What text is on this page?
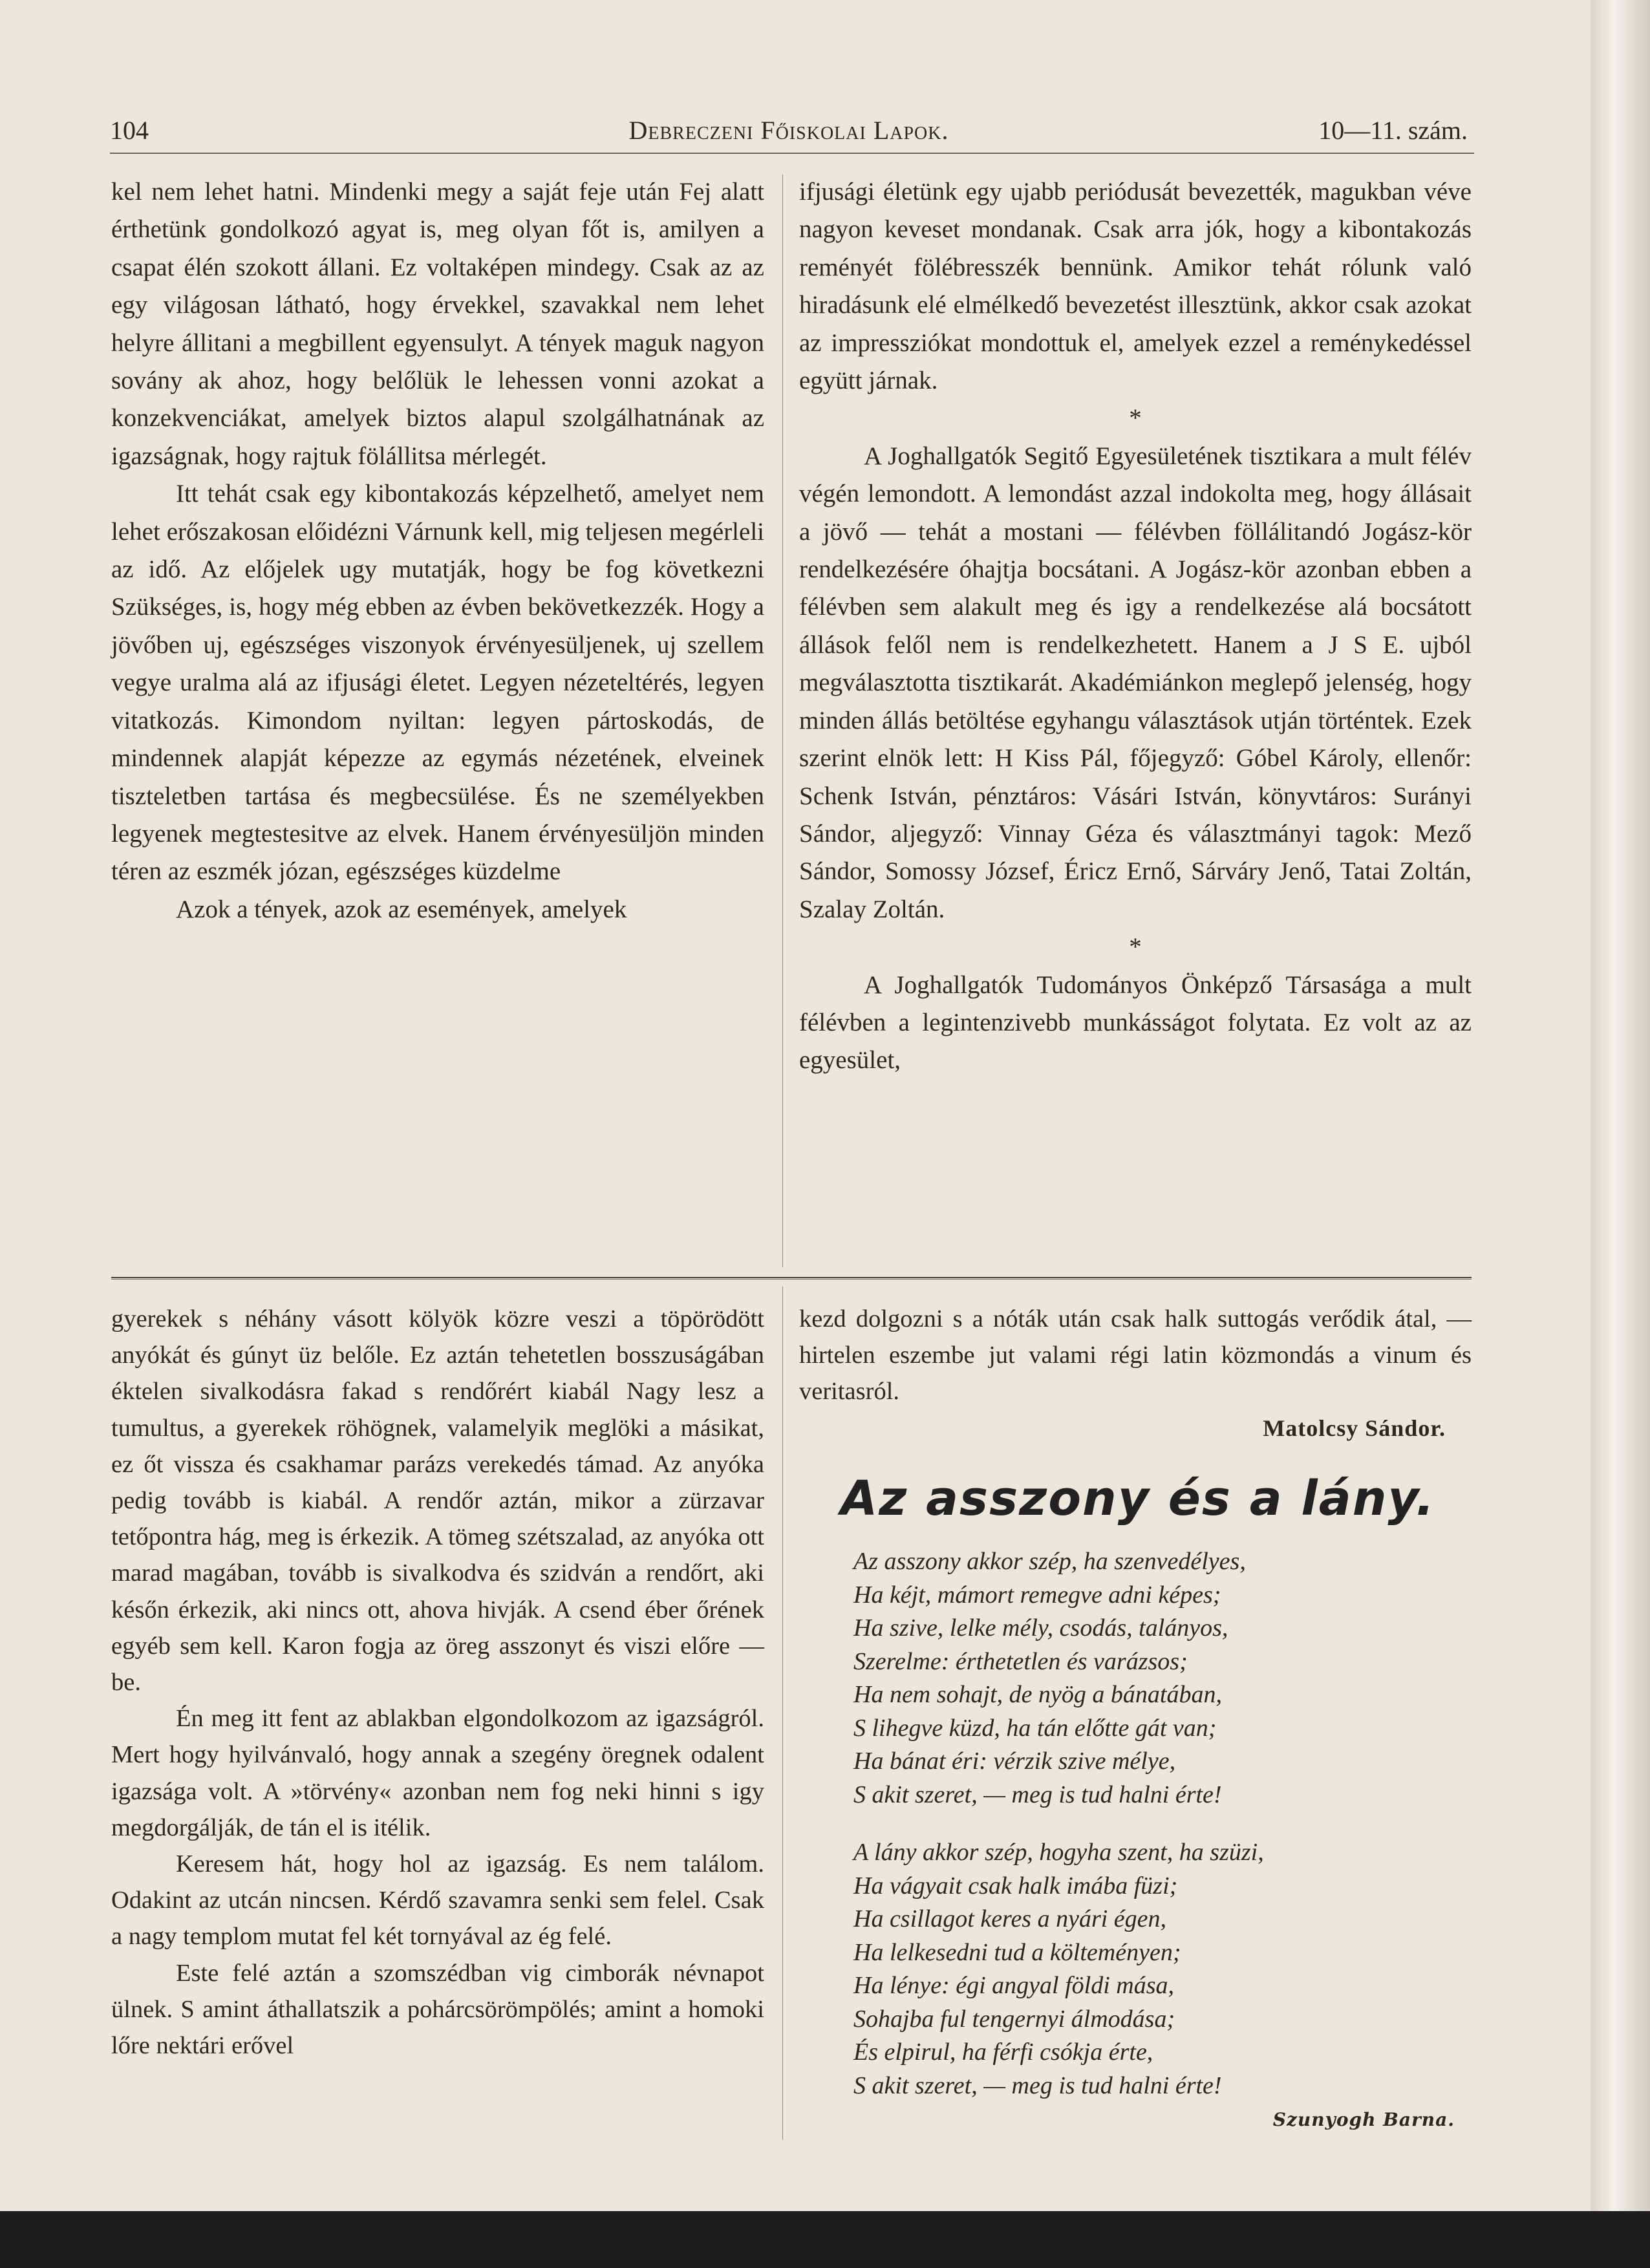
104	Debreczeni Főiskolai Lapok.	10—11. szám.

kel nem lehet hatni. Mindenki megy a saját feje után Fej alatt érthetünk gondolkozó agyat is, meg olyan főt is, amilyen a csapat élén szokott állani. Ez voltaképen mindegy. Csak az az egy világosan látható, hogy érvekkel, szavakkal nem lehet helyre állitani a megbillent egyensulyt. A tények maguk nagyon sovány ak ahoz, hogy belőlük le lehessen vonni azokat a konzekvenciákat, amelyek biztos alapul szolgálhatnának az igazságnak, hogy rajtuk fölállitsa mérlegét.

Itt tehát csak egy kibontakozás képzelhető, amelyet nem lehet erőszakosan előidézni Várnunk kell, mig teljesen megérleli az idő. Az előjelek ugy mutatják, hogy be fog következni Szükséges, is, hogy még ebben az évben bekövetkezzék. Hogy a jövőben uj, egészséges viszonyok érvényesüljenek, uj szellem vegye uralma alá az ifjusági életet. Legyen nézeteltérés, legyen vitatkozás. Kimondom nyiltan: legyen pártoskodás, de mindennek alapját képezze az egymás nézetének, elveinek tiszteletben tartása és megbecsülése. És ne személyekben legyenek megtestesitve az elvek. Hanem érvényesüljön minden téren az eszmék józan, egészséges küzdelme

Azok a tények, azok az események, amelyek

ifjusági életünk egy ujabb periódusát bevezették, magukban véve nagyon keveset mondanak. Csak arra jók, hogy a kibontakozás reményét fölébresszék bennünk. Amikor tehát rólunk való hiradásunk elé elmélkedő bevezetést illesztünk, akkor csak azokat az impressziókat mondottuk el, amelyek ezzel a reménykedéssel együtt járnak.

*

A Joghallgatók Segitő Egyesületének tisztikara a mult félév végén lemondott. A lemondást azzal indokolta meg, hogy állásait a jövő — tehát a mostani — félévben föllálitandó Jogász-kör rendelkezésére óhajtja bocsátani. A Jogász-kör azonban ebben a félévben sem alakult meg és igy a rendelkezése alá bocsátott állások felől nem is rendelkezhetett. Hanem a J S E. ujból megválasztotta tisztikarát. Akadémiánkon meglepő jelenség, hogy minden állás betöltése egyhangu választások utján történtek. Ezek szerint elnök lett: H Kiss Pál, főjegyző: Góbel Károly, ellenőr: Schenk István, pénztáros: Vásári István, könyvtáros: Surányi Sándor, aljegyző: Vinnay Géza és választmányi tagok: Mező Sándor, Somossy József, Éricz Ernő, Sárváry Jenő, Tatai Zoltán, Szalay Zoltán.

*

A Joghallgatók Tudományos Önképző Társasága a mult félévben a legintenzivebb munkásságot folytata. Ez volt az az egyesület,

gyerekek s néhány vásott kölyök közre veszi a töpörödött anyókát és gúnyt üz belőle. Ez aztán tehetetlen bosszuságában éktelen sivalkodásra fakad s rendőrért kiabál Nagy lesz a tumultus, a gyerekek röhögnek, valamelyik meglöki a másikat, ez őt vissza és csakhamar parázs verekedés támad. Az anyóka pedig tovább is kiabál. A rendőr aztán, mikor a zürzavar tetőpontra hág, meg is érkezik. A tömeg szétszalad, az anyóka ott marad magában, tovább is sivalkodva és szidván a rendőrt, aki későn érkezik, aki nincs ott, ahova hivják. A csend éber őrének egyéb sem kell. Karon fogja az öreg asszonyt és viszi előre — be.

Én meg itt fent az ablakban elgondolkozom az igazságról. Mert hogy hyilvánvaló, hogy annak a szegény öregnek odalent igazsága volt. A »törvény« azonban nem fog neki hinni s igy megdorgálják, de tán el is itélik.

Keresem hát, hogy hol az igazság. Es nem találom. Odakint az utcán nincsen. Kérdő szavamra senki sem felel. Csak a nagy templom mutat fel két tornyával az ég felé.

Este felé aztán a szomszédban vig cimborák névnapot ülnek. S amint áthallatszik a pohárcsörömpölés; amint a homoki lőre nektári erővel

kezd dolgozni s a nóták után csak halk suttogás verődik átal, — hirtelen eszembe jut valami régi latin közmondás a vinum és veritasról.

Matolcsy Sándor.

Az asszony és a lány.
Az asszony akkor szép, ha szenvedélyes,
Ha kéjt, mámort remegve adni képes;
Ha szive, lelke mély, csodás, talányos,
Szerelme: érthetetlen és varázsos;
Ha nem sohajt, de nyög a bánatában,
S lihegve küzd, ha tán előtte gát van;
Ha bánat éri: vérzik szive mélye,
S akit szeret, — meg is tud halni érte!
A lány akkor szép, hogyha szent, ha szüzi,
Ha vágyait csak halk imába füzi;
Ha csillagot keres a nyári égen,
Ha lelkesedni tud a költeményen;
Ha lénye: égi angyal földi mása,
Sohajba ful tengernyi álmodása;
És elpirul, ha férfi csókja érte,
S akit szeret, — meg is tud halni érte!
Szunyogh Barna.
